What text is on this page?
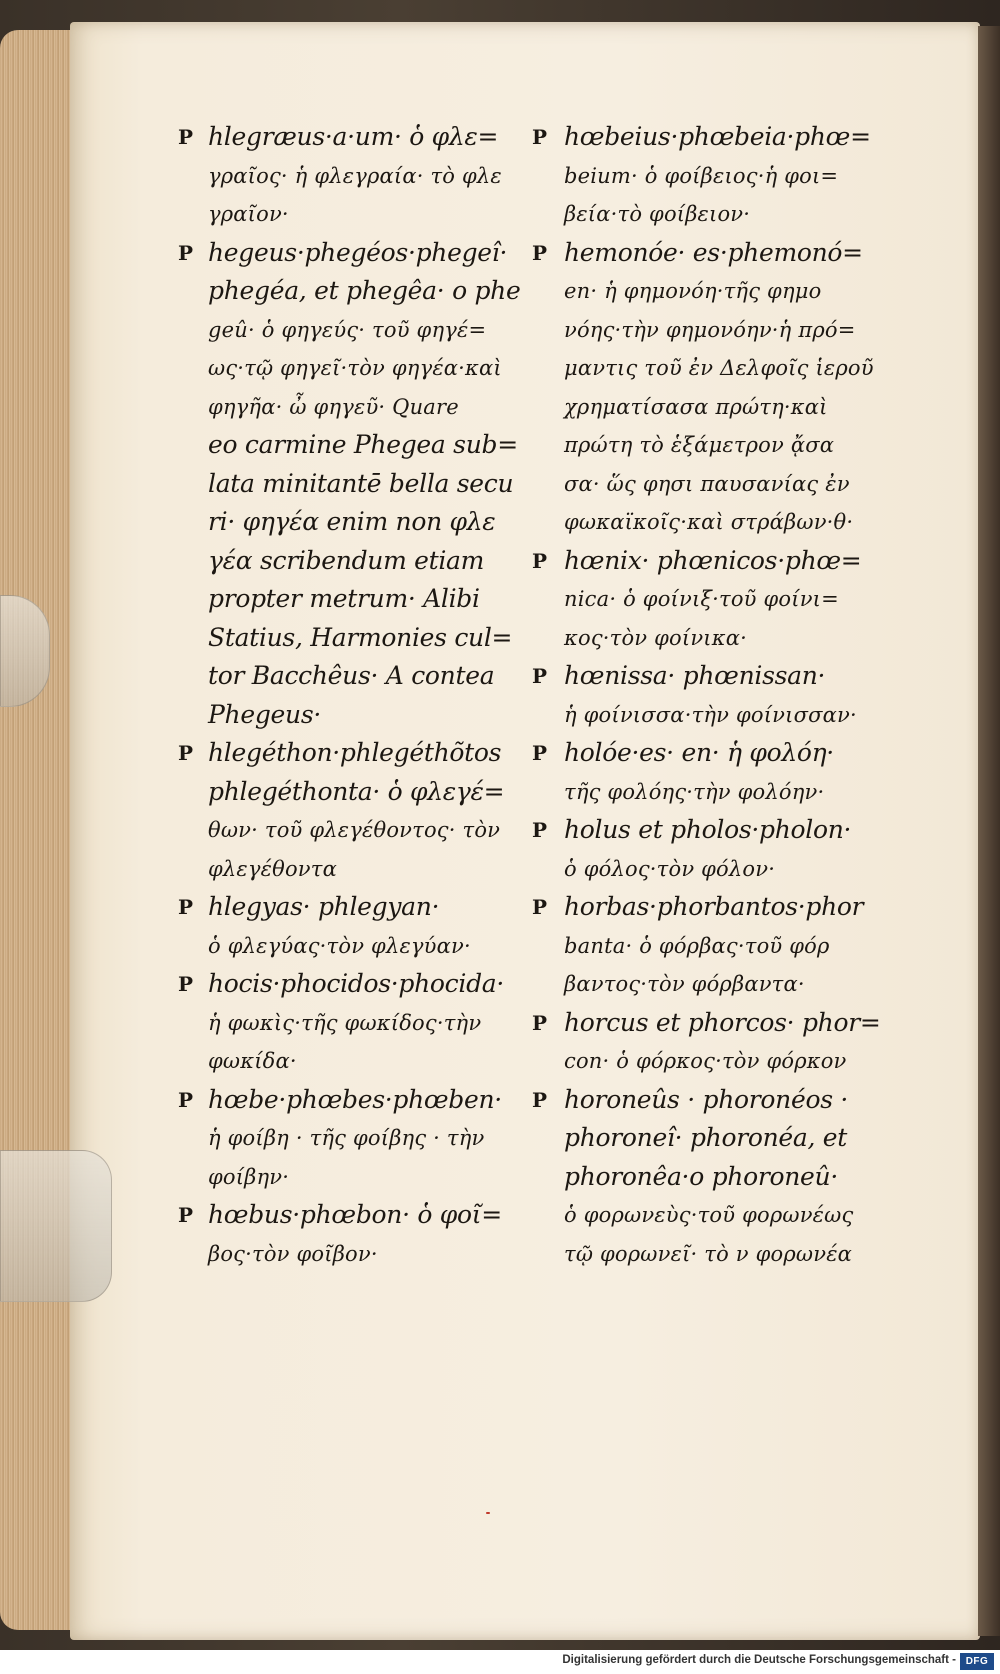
P hlegræus·a·um· ὁ φλε=
γραῖος· ἡ φλεγραία· τὸ φλε
γραῖον·
P hegeus·phegéos·phegeî·
phegéa, et phegêa· o phe
geû· ὁ φηγεύς· τοῦ φηγέ=
ως·τῷ φηγεῖ·τὸν φηγέα·καὶ
φηγῆα· ὦ φηγεῦ· Quare
eo carmine Phegea sub=
lata minitantē bella secu
ri· φηγέα enim non φλε
γέα scribendum etiam
propter metrum· Alibi
Statius, Harmonies cul=
tor Bacchêus· A contea
Phegeus·
P hlegéthon·phlegéthõtos
phlegéthonta· ὁ φλεγέ=
θων· τοῦ φλεγέθοντος· τὸν
φλεγέθοντα
P hlegyas· phlegyan·
ὁ φλεγύας·τὸν φλεγύαν·
P hocis·phocidos·phocida·
ἡ φωκὶς·τῆς φωκίδος·τὴν
φωκίδα·
P hœbe·phœbes·phœben·
ἡ φοίβη · τῆς φοίβης · τὴν
φοίβην·
P hœbus·phœbon· ὁ φοῖ=
βος·τὸν φοῖβον·
P hœbeius·phœbeia·phœ=
beium· ὁ φοίβειος·ἡ φοι=
βεία·τὸ φοίβειον·
P hemonóe· es·phemonó=
en· ἡ φημονόη·τῆς φημο
νόης·τὴν φημονόην·ἡ πρό=
μαντις τοῦ ἐν Δελφοῖς ἱεροῦ
χρηματίσασα πρώτη·καὶ
πρώτη τὸ ἑξάμετρον ᾄσα
σα· ὥς φησι παυσανίας ἐν
φωκαϊκοῖς·καὶ στράβων·θ·
P hœnix· phœnicos·phœ=
nica· ὁ φοίνιξ·τοῦ φοίνι=
κος·τὸν φοίνικα·
P hœnissa· phœnissan·
ἡ φοίνισσα·τὴν φοίνισσαν·
P holóe·es· en· ἡ φολόη·
τῆς φολόης·τὴν φολόην·
P holus et pholos·pholon·
ὁ φόλος·τὸν φόλον·
P horbas·phorbantos·phor
banta· ὁ φόρβας·τοῦ φόρ
βαντος·τὸν φόρβαντα·
P horcus et phorcos· phor=
con· ὁ φόρκος·τὸν φόρκον
P horoneûs · phoronéos ·
phoroneî· phoronéa, et
phoronêa·o phoroneû·
ὁ φορωνεὺς·τοῦ φορωνέως
τῷ φορωνεῖ· τὸ ν φορωνέα
Digitalisierung gefördert durch die Deutsche Forschungsgemeinschaft - DFG
